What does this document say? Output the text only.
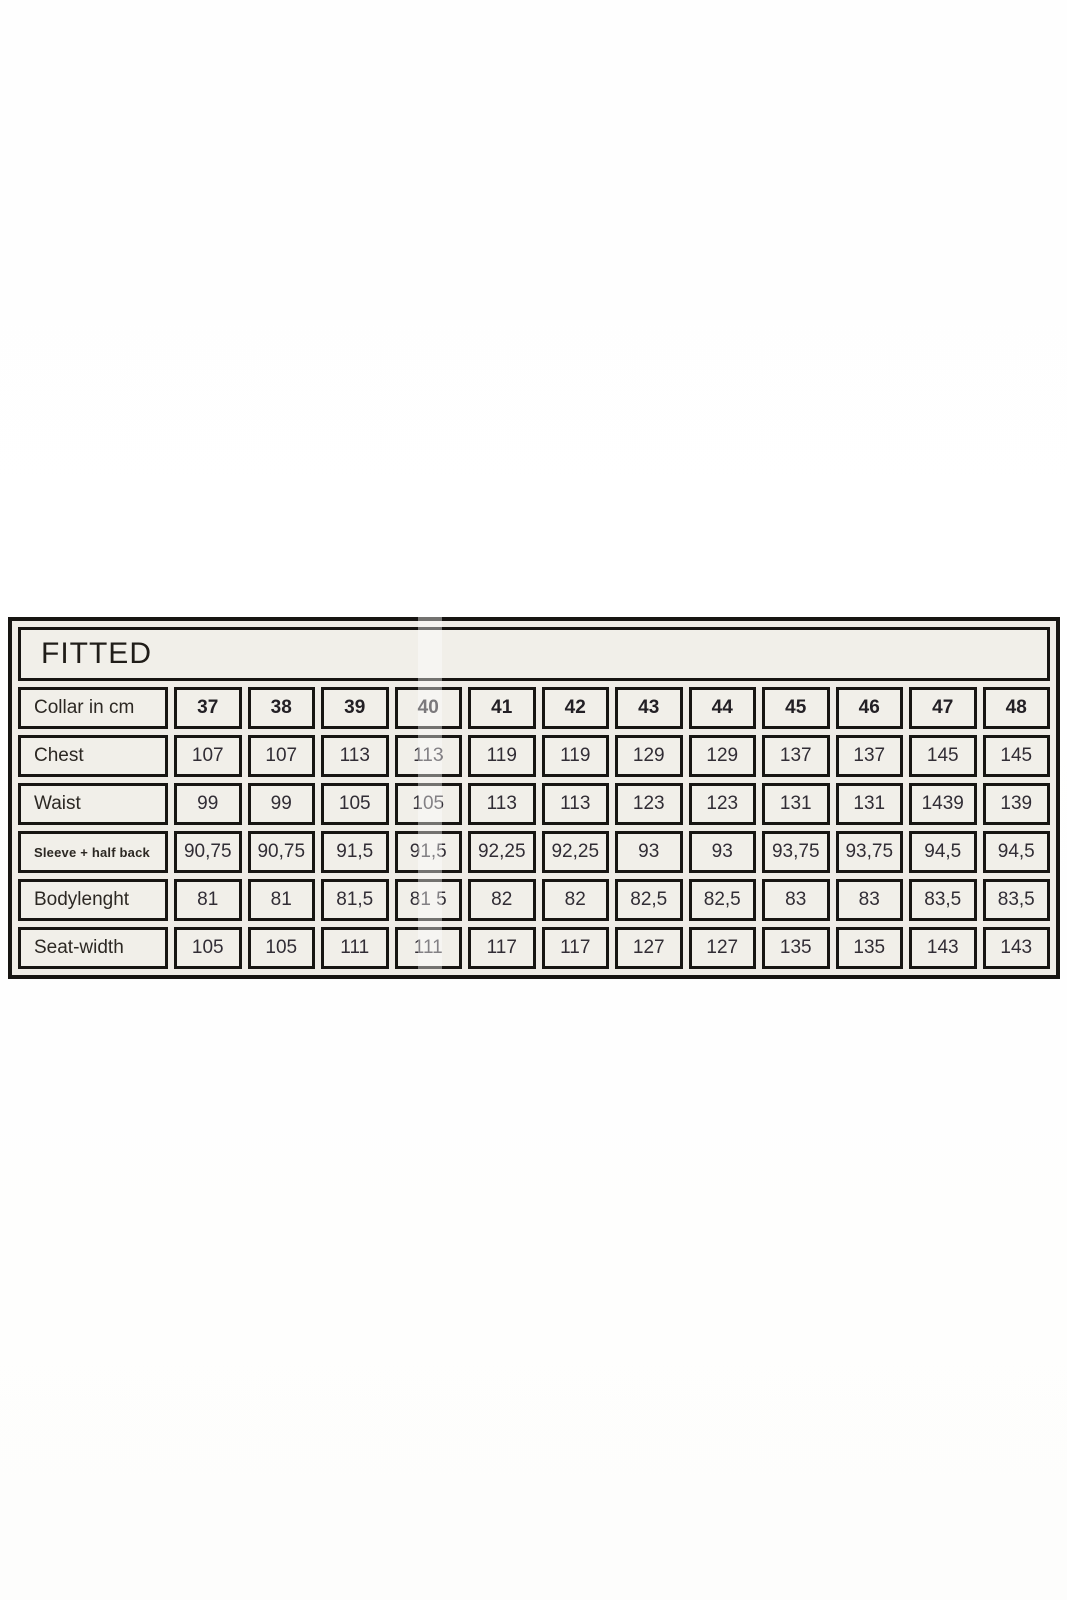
FITTED												
Collar in cm	37	38	39	40	41	42	43	44	45	46	47	48
Chest	107	107	113	113	119	119	129	129	137	137	145	145
Waist	99	99	105	105	113	113	123	123	131	131	1439	139
Sleeve + half back	90,75	90,75	91,5	91,5	92,25	92,25	93	93	93,75	93,75	94,5	94,5
Bodylenght	81	81	81,5	81 5	82	82	82,5	82,5	83	83	83,5	83,5
Seat-width	105	105	111	111	117	117	127	127	135	135	143	143
